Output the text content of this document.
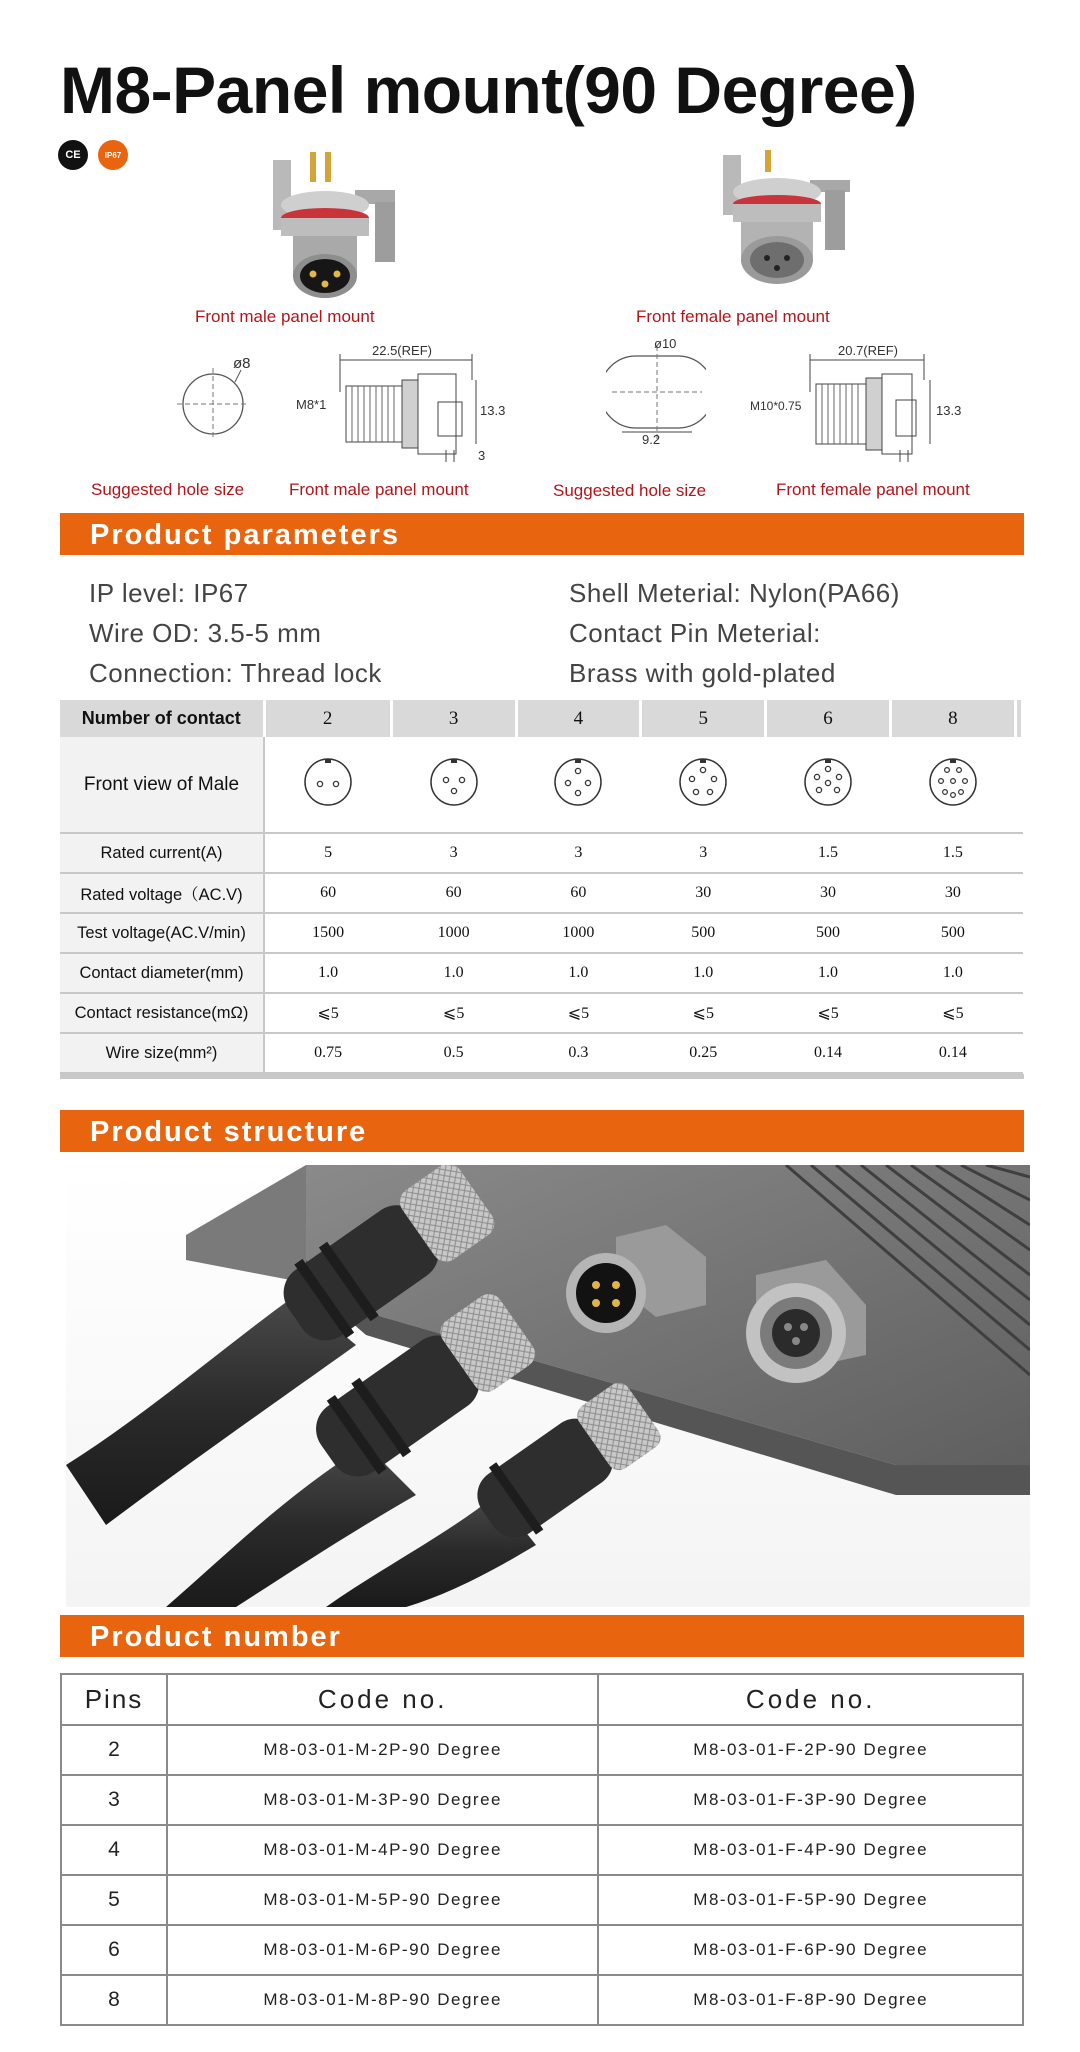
M8-Panel mount(90 Degree)
CE	IP67
Front male panel mount	Front female panel mount
ø8
22.5(REF)
13.3
3
M8*1
9.2
ø10	20.7(REF)
13.3
M10*0.75
Suggested hole size	Front male panel mount	Suggested hole size	Front female panel mount
Product parameters
IP level: IP67
Wire OD: 3.5-5 mm
Connection: Thread lock
Shell Meterial: Nylon(PA66)
Contact Pin Meterial:
Brass with gold-plated
Number of contact	2	3	4	5	6	8	
Front view of Male							
Rated current(A)	5	3	3	3	1.5	1.5	
Rated voltage（AC.V)	60	60	60	30	30	30	
Test voltage(AC.V/min)	1500	1000	1000	500	500	500	
Contact diameter(mm)	1.0	1.0	1.0	1.0	1.0	1.0	
Contact resistance(mΩ)	⩽5	⩽5	⩽5	⩽5	⩽5	⩽5	
Wire size(mm²)	0.75	0.5	0.3	0.25	0.14	0.14	
Product structure
Product number
Pins	Code no.	Code no.
2	M8-03-01-M-2P-90 Degree	M8-03-01-F-2P-90 Degree
3	M8-03-01-M-3P-90 Degree	M8-03-01-F-3P-90 Degree
4	M8-03-01-M-4P-90 Degree	M8-03-01-F-4P-90 Degree
5	M8-03-01-M-5P-90 Degree	M8-03-01-F-5P-90 Degree
6	M8-03-01-M-6P-90 Degree	M8-03-01-F-6P-90 Degree
8	M8-03-01-M-8P-90 Degree	M8-03-01-F-8P-90 Degree
